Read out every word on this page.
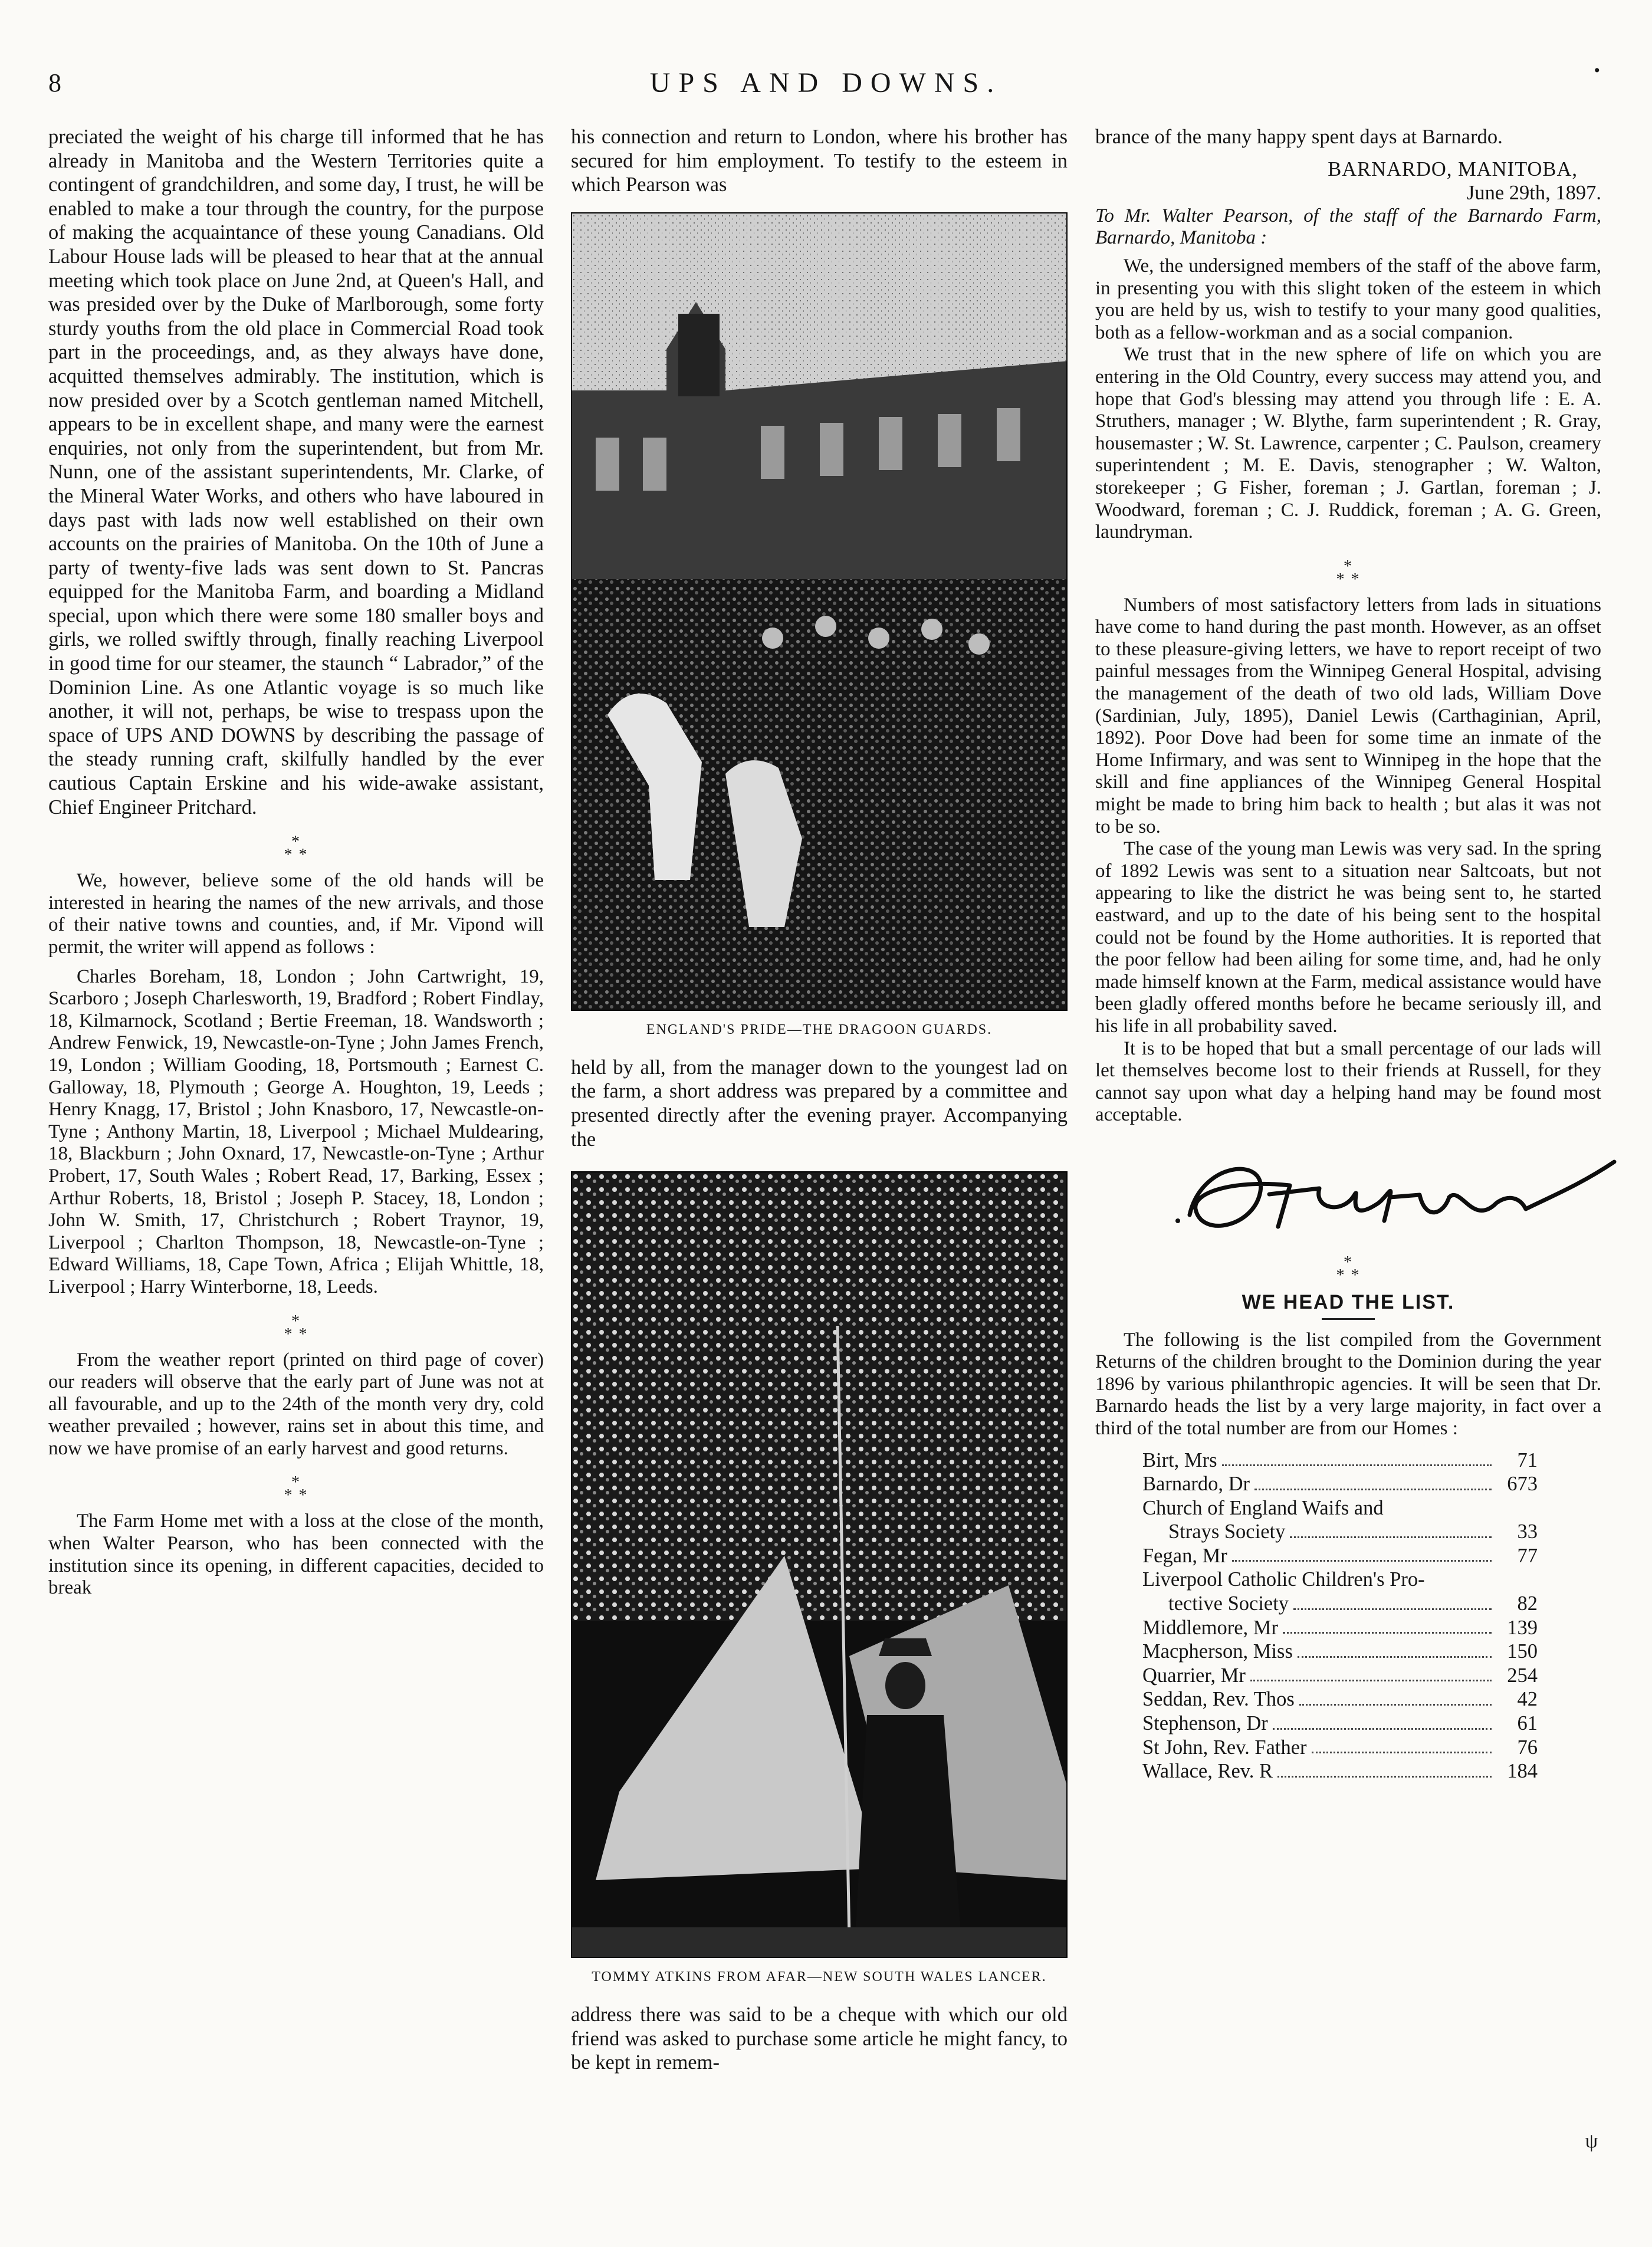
8	UPS AND DOWNS.	•

preciated the weight of his charge till informed that he has already in Manitoba and the Western Territories quite a contingent of grandchildren, and some day, I trust, he will be enabled to make a tour through the country, for the purpose of making the acquaintance of these young Canadians. Old Labour House lads will be pleased to hear that at the annual meeting which took place on June 2nd, at Queen's Hall, and was presided over by the Duke of Marlborough, some forty sturdy youths from the old place in Commercial Road took part in the proceedings, and, as they always have done, acquitted themselves admirably. The institution, which is now presided over by a Scotch gentleman named Mitchell, appears to be in excellent shape, and many were the earnest enquiries, not only from the superintendent, but from Mr. Nunn, one of the assistant superintendents, Mr. Clarke, of the Mineral Water Works, and others who have laboured in days past with lads now well established on their own accounts on the prairies of Manitoba. On the 10th of June a party of twenty-five lads was sent down to St. Pancras equipped for the Manitoba Farm, and boarding a Midland special, upon which there were some 180 smaller boys and girls, we rolled swiftly through, finally reaching Liverpool in good time for our steamer, the staunch “ Labrador,” of the Dominion Line. As one Atlantic voyage is so much like another, it will not, perhaps, be wise to trespass upon the space of UPS AND DOWNS by describing the passage of the steady running craft, skilfully handled by the ever cautious Captain Erskine and his wide-awake assistant, Chief Engineer Pritchard.

*
* *

We, however, believe some of the old hands will be interested in hearing the names of the new arrivals, and those of their native towns and counties, and, if Mr. Vipond will permit, the writer will append as follows :

Charles Boreham, 18, London ; John Cartwright, 19, Scarboro ; Joseph Charlesworth, 19, Bradford ; Robert Findlay, 18, Kilmarnock, Scotland ; Bertie Freeman, 18. Wandsworth ; Andrew Fenwick, 19, Newcastle-on-Tyne ; John James French, 19, London ; William Gooding, 18, Portsmouth ; Earnest C. Galloway, 18, Plymouth ; George A. Houghton, 19, Leeds ; Henry Knagg, 17, Bristol ; John Knasboro, 17, Newcastle-on-Tyne ; Anthony Martin, 18, Liverpool ; Michael Muldearing, 18, Blackburn ; John Oxnard, 17, Newcastle-on-Tyne ; Arthur Probert, 17, South Wales ; Robert Read, 17, Barking, Essex ; Arthur Roberts, 18, Bristol ; Joseph P. Stacey, 18, London ; John W. Smith, 17, Christchurch ; Robert Traynor, 19, Liverpool ; Charlton Thompson, 18, Newcastle-on-Tyne ; Edward Williams, 18, Cape Town, Africa ; Elijah Whittle, 18, Liverpool ; Harry Winterborne, 18, Leeds.

*
* *

From the weather report (printed on third page of cover) our readers will observe that the early part of June was not at all favourable, and up to the 24th of the month very dry, cold weather prevailed ; however, rains set in about this time, and now we have promise of an early harvest and good returns.

*
* *

The Farm Home met with a loss at the close of the month, when Walter Pearson, who has been connected with the institution since its opening, in different capacities, decided to break

his connection and return to London, where his brother has secured for him employment. To testify to the esteem in which Pearson was

ENGLAND'S PRIDE—THE DRAGOON GUARDS.

held by all, from the manager down to the youngest lad on the farm, a short address was prepared by a committee and presented directly after the evening prayer. Accompanying the

TOMMY ATKINS FROM AFAR—NEW SOUTH WALES LANCER.

address there was said to be a cheque with which our old friend was asked to purchase some article he might fancy, to be kept in remem-

brance of the many happy spent days at Barnardo.

BARNARDO, MANITOBA,
June 29th, 1897.

To Mr. Walter Pearson, of the staff of the Barnardo Farm, Barnardo, Manitoba :

We, the undersigned members of the staff of the above farm, in presenting you with this slight token of the esteem in which you are held by us, wish to testify to your many good qualities, both as a fellow-workman and as a social companion.

We trust that in the new sphere of life on which you are entering in the Old Country, every success may attend you, and hope that God's blessing may attend you through life : E. A. Struthers, manager ; W. Blythe, farm superintendent ; R. Gray, housemaster ; W. St. Lawrence, carpenter ; C. Paulson, creamery superintendent ; M. E. Davis, stenographer ; W. Walton, storekeeper ; G Fisher, foreman ; J. Gartlan, foreman ; J. Woodward, foreman ; C. J. Ruddick, foreman ; A. G. Green, laundryman.

*
* *

Numbers of most satisfactory letters from lads in situations have come to hand during the past month. However, as an offset to these pleasure-giving letters, we have to report receipt of two painful messages from the Winnipeg General Hospital, advising the management of the death of two old lads, William Dove (Sardinian, July, 1895), Daniel Lewis (Carthaginian, April, 1892). Poor Dove had been for some time an inmate of the Home Infirmary, and was sent to Winnipeg in the hope that the skill and fine appliances of the Winnipeg General Hospital might be made to bring him back to health ; but alas it was not to be so.

The case of the young man Lewis was very sad. In the spring of 1892 Lewis was sent to a situation near Saltcoats, but not appearing to like the district he was being sent to, he started eastward, and up to the date of his being sent to the hospital could not be found by the Home authorities. It is reported that the poor fellow had been ailing for some time, and, had he only made himself known at the Farm, medical assistance would have been gladly offered months before he became seriously ill, and his life in all probability saved.

It is to be hoped that but a small percentage of our lads will let themselves become lost to their friends at Russell, for they cannot say upon what day a helping hand may be found most acceptable.

*
* *
WE HEAD THE LIST.

The following is the list compiled from the Government Returns of the children brought to the Dominion during the year 1896 by various philanthropic agencies. It will be seen that Dr. Barnardo heads the list by a very large majority, in fact over a third of the total number are from our Homes :

Birt, Mrs	71
Barnardo, Dr	673
Church of England Waifs and
Strays Society	33
Fegan, Mr	77
Liverpool Catholic Children's Pro-
tective Society	82
Middlemore, Mr	139
Macpherson, Miss	150
Quarrier, Mr	254
Seddan, Rev. Thos	42
Stephenson, Dr	61
St John, Rev. Father	76
Wallace, Rev. R	184
ψ
